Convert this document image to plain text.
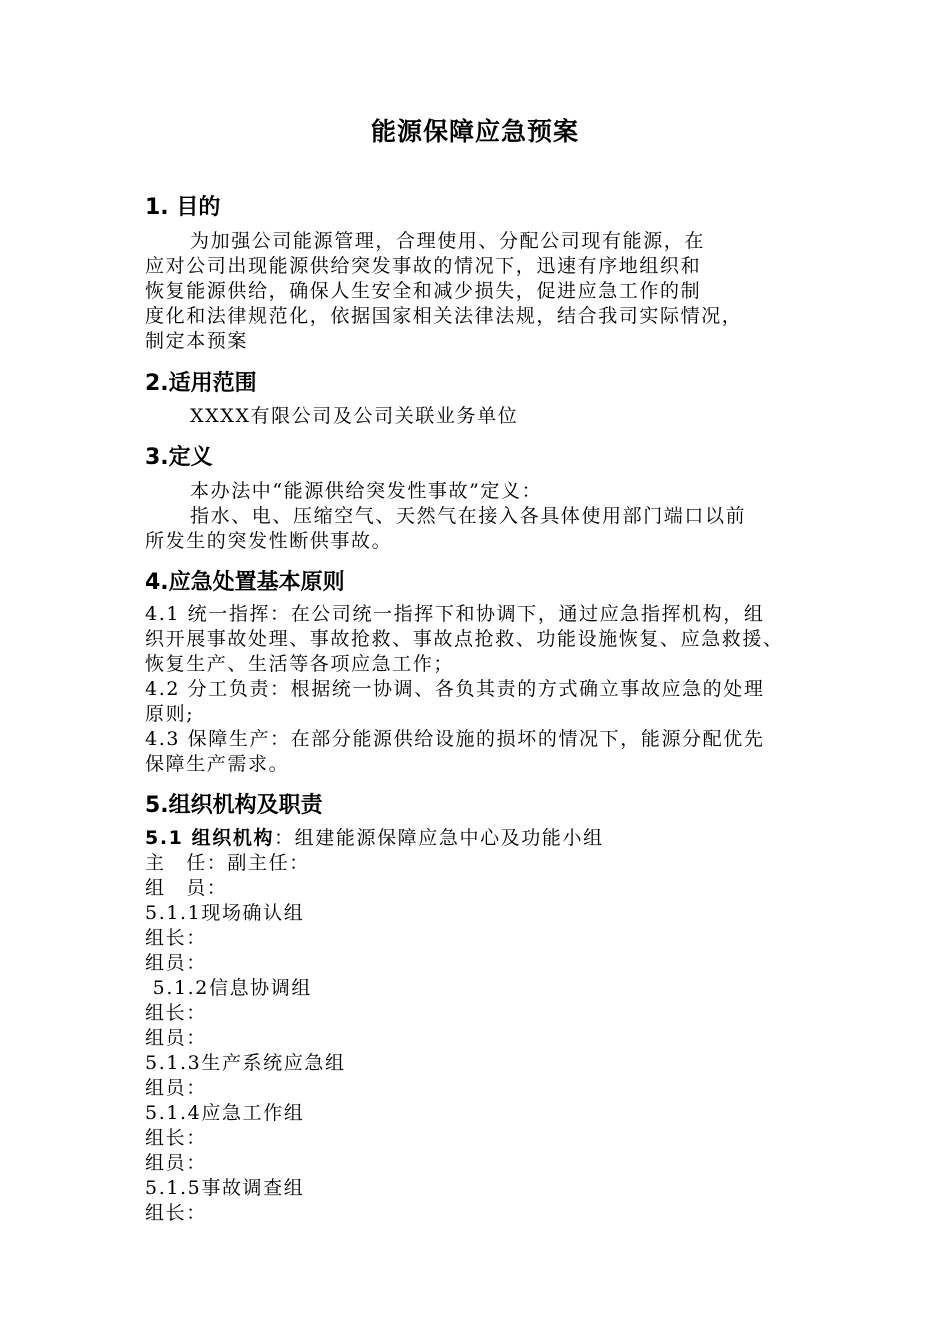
能源保障应急预案
1. 目的
为加强公司能源管理，合理使用、分配公司现有能源，在
应对公司出现能源供给突发事故的情况下，迅速有序地组织和
恢复能源供给，确保人生安全和减少损失，促进应急工作的制
度化和法律规范化，依据国家相关法律法规，结合我司实际情况，
制定本预案
2.适用范围
XXXX有限公司及公司关联业务单位
3.定义
本办法中“能源供给突发性事故”定义：
指水、电、压缩空气、天然气在接入各具体使用部门端口以前
所发生的突发性断供事故。
4.应急处置基本原则
4.1 统一指挥：在公司统一指挥下和协调下，通过应急指挥机构，组
织开展事故处理、事故抢救、事故点抢救、功能设施恢复、应急救援、
恢复生产、生活等各项应急工作；
4.2 分工负责：根据统一协调、各负其责的方式确立事故应急的处理
原则;
4.3 保障生产：在部分能源供给设施的损坏的情况下，能源分配优先
保障生产需求。
5.组织机构及职责
5.1 组织机构：组建能源保障应急中心及功能小组
主　任：副主任：
组　员：
5.1.1现场确认组
组长：
组员：
5.1.2信息协调组
组长：
组员：
5.1.3生产系统应急组
组员：
5.1.4应急工作组
组长：
组员：
5.1.5事故调查组
组长：
